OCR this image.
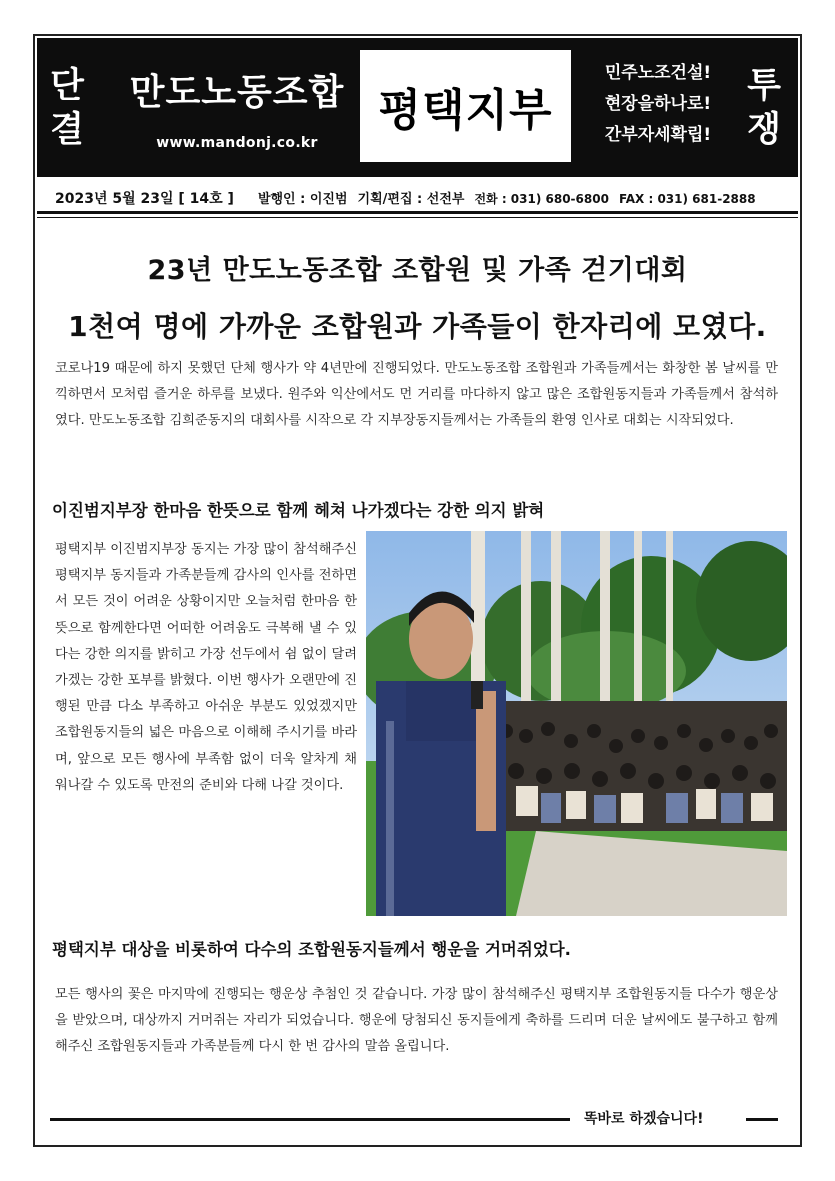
단
결
만도노동조합
www.mandonj.co.kr
평택지부
민주노조건설!
현장을하나로!
간부자세확립!
투
쟁
2023년 5월 23일 [ 14호 ] 발행인 : 이진범 기획/편집 : 선전부 전화 : 031) 680-6800 FAX : 031) 681-2888
23년 만도노동조합 조합원 및 가족 걷기대회
1천여 명에 가까운 조합원과 가족들이 한자리에 모였다.
코로나19 때문에 하지 못했던 단체 행사가 약 4년만에 진행되었다. 만도노동조합 조합원과 가족들께서는 화창한 봄 날씨를 만끽하면서 모처럼 즐거운 하루를 보냈다. 원주와 익산에서도 먼 거리를 마다하지 않고 많은 조합원동지들과 가족들께서 참석하였다. 만도노동조합 김희준동지의 대회사를 시작으로 각 지부장동지들께서는 가족들의 환영 인사로 대회는 시작되었다.
이진범지부장 한마음 한뜻으로 함께 헤쳐 나가겠다는 강한 의지 밝혀
평택지부 이진범지부장 동지는 가장 많이 참석해주신 평택지부 동지들과 가족분들께 감사의 인사를 전하면서 모든 것이 어려운 상황이지만 오늘처럼 한마음 한뜻으로 함께한다면 어떠한 어려움도 극복해 낼 수 있다는 강한 의지를 밝히고 가장 선두에서 쉼 없이 달려가겠는 강한 포부를 밝혔다. 이번 행사가 오랜만에 진행된 만큼 다소 부족하고 아쉬운 부분도 있었겠지만 조합원동지들의 넓은 마음으로 이해해 주시기를 바라며, 앞으로 모든 행사에 부족함 없이 더욱 알차게 채워나갈 수 있도록 만전의 준비와 다해 나갈 것이다.
평택지부 대상을 비롯하여 다수의 조합원동지들께서 행운을 거머쥐었다.
모든 행사의 꽃은 마지막에 진행되는 행운상 추첨인 것 같습니다. 가장 많이 참석해주신 평택지부 조합원동지들 다수가 행운상을 받았으며, 대상까지 거머쥐는 자리가 되었습니다. 행운에 당첨되신 동지들에게 축하를 드리며 더운 날씨에도 불구하고 함께해주신 조합원동지들과 가족분들께 다시 한 번 감사의 말씀 올립니다.
똑바로 하겠습니다!
